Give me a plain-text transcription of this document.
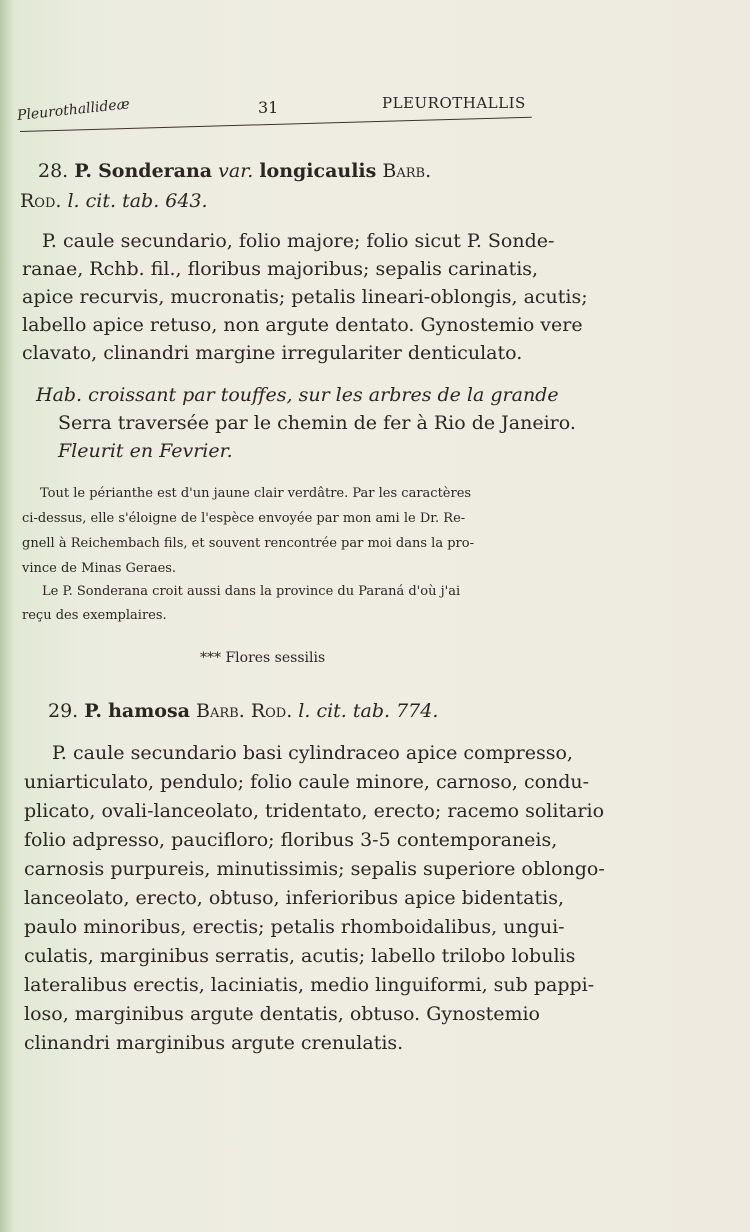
Pleurothallideæ	31	PLEUROTHALLIS
28. P. Sonderana var. longicaulis Barb.
Rod. l. cit. tab. 643.
P. caule secundario, folio majore; folio sicut P. Sonde-
ranae, Rchb. fil., floribus majoribus; sepalis carinatis,
apice recurvis, mucronatis; petalis lineari-oblongis, acutis;
labello apice retuso, non argute dentato. Gynostemio vere
clavato, clinandri margine irregulariter denticulato.
Hab. croissant par touffes, sur les arbres de la grande
Serra traversée par le chemin de fer à Rio de Janeiro.
Fleurit en Fevrier.
Tout le périanthe est d'un jaune clair verdâtre. Par les caractères
ci-dessus, elle s'éloigne de l'espèce envoyée par mon ami le Dr. Re-
gnell à Reichembach fils, et souvent rencontrée par moi dans la pro-
vince de Minas Geraes.
Le P. Sonderana croit aussi dans la province du Paraná d'où j'ai
reçu des exemplaires.
*** Flores sessilis
29. P. hamosa Barb. Rod. l. cit. tab. 774.
P. caule secundario basi cylindraceo apice compresso,
uniarticulato, pendulo; folio caule minore, carnoso, condu-
plicato, ovali-lanceolato, tridentato, erecto; racemo solitario
folio adpresso, paucifloro; floribus 3-5 contemporaneis,
carnosis purpureis, minutissimis; sepalis superiore oblongo-
lanceolato, erecto, obtuso, inferioribus apice bidentatis,
paulo minoribus, erectis; petalis rhomboidalibus, ungui-
culatis, marginibus serratis, acutis; labello trilobo lobulis
lateralibus erectis, laciniatis, medio linguiformi, sub pappi-
loso, marginibus argute dentatis, obtuso. Gynostemio
clinandri marginibus argute crenulatis.
